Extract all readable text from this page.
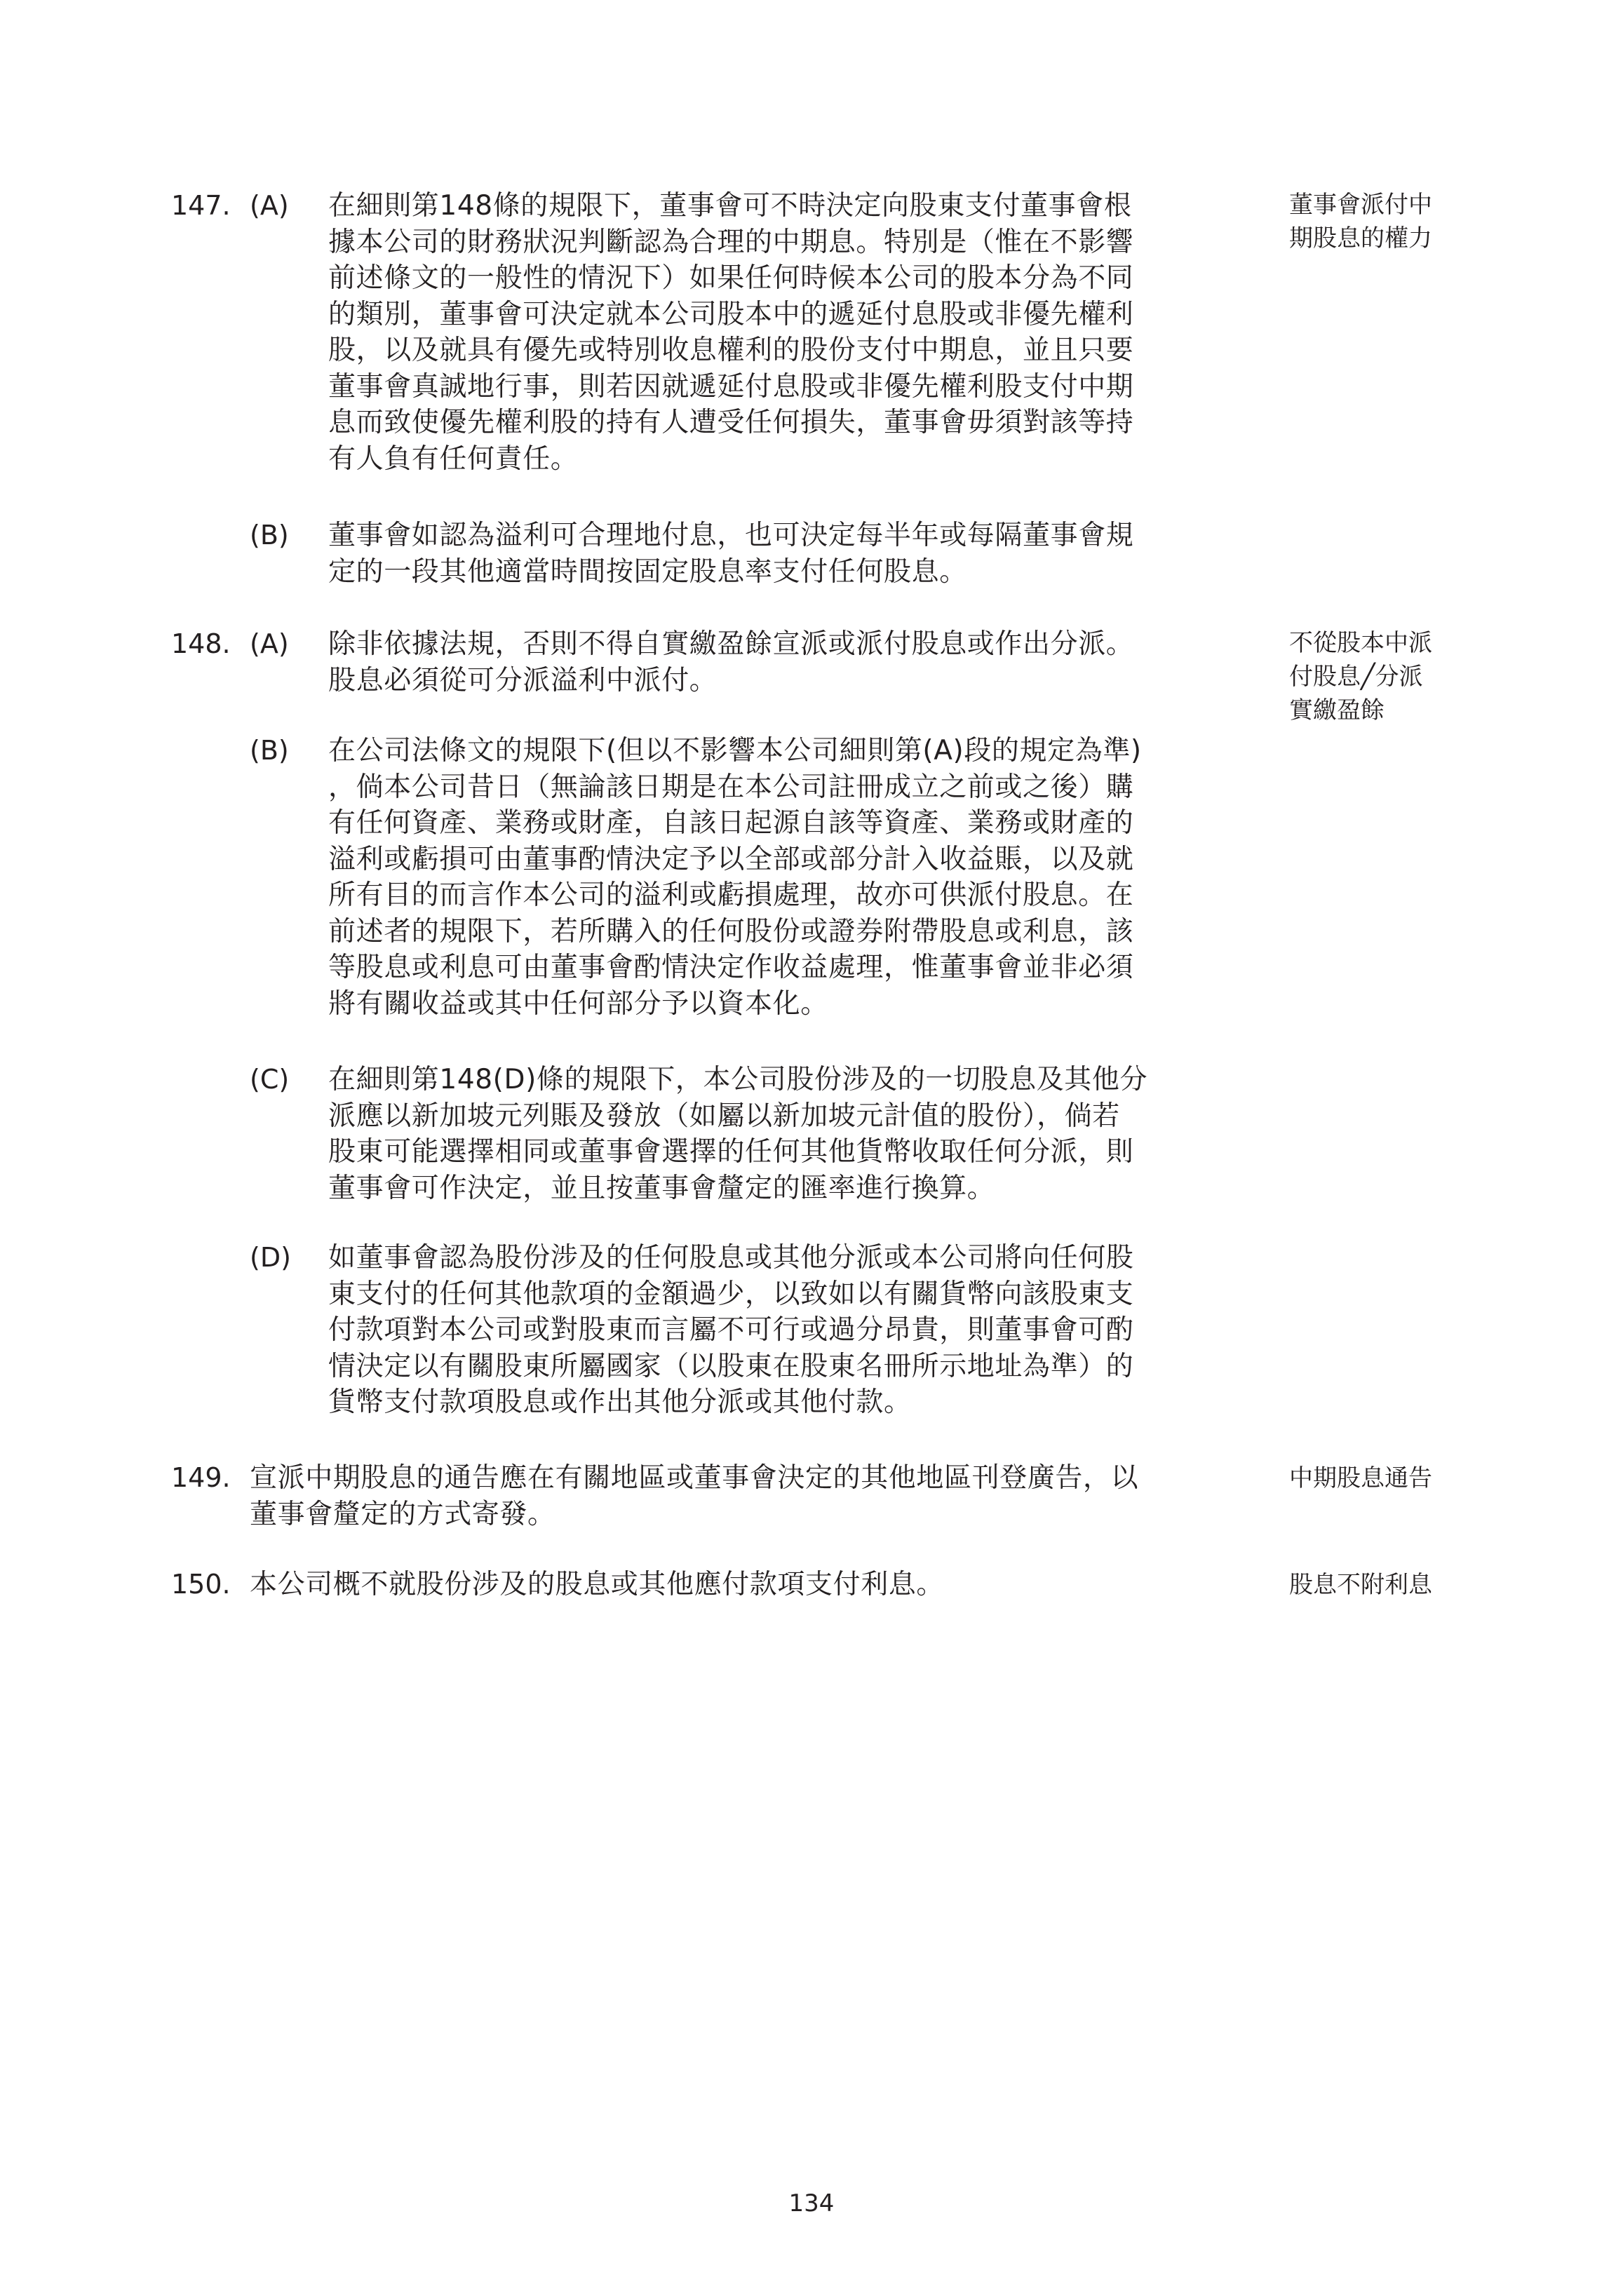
147. (A) 在細則第148條的規限下，董事會可不時決定向股東支付董事會根
據本公司的財務狀況判斷認為合理的中期息。特別是（惟在不影響
前述條文的一般性的情況下）如果任何時候本公司的股本分為不同
的類別，董事會可決定就本公司股本中的遞延付息股或非優先權利
股，以及就具有優先或特別收息權利的股份支付中期息，並且只要
董事會真誠地行事，則若因就遞延付息股或非優先權利股支付中期
息而致使優先權利股的持有人遭受任何損失，董事會毋須對該等持
有人負有任何責任。
(B) 董事會如認為溢利可合理地付息，也可決定每半年或每隔董事會規
定的一段其他適當時間按固定股息率支付任何股息。
董事會派付中
期股息的權力
148. (A) 除非依據法規，否則不得自實繳盈餘宣派或派付股息或作出分派。
股息必須從可分派溢利中派付。
(B) 在公司法條文的規限下(但以不影響本公司細則第(A)段的規定為準)
，倘本公司昔日（無論該日期是在本公司註冊成立之前或之後）購
有任何資產、業務或財產，自該日起源自該等資產、業務或財產的
溢利或虧損可由董事酌情決定予以全部或部分計入收益賬，以及就
所有目的而言作本公司的溢利或虧損處理，故亦可供派付股息。在
前述者的規限下，若所購入的任何股份或證券附帶股息或利息，該
等股息或利息可由董事會酌情決定作收益處理，惟董事會並非必須
將有關收益或其中任何部分予以資本化。
(C) 在細則第148(D)條的規限下，本公司股份涉及的一切股息及其他分
派應以新加坡元列賬及發放（如屬以新加坡元計值的股份），倘若
股東可能選擇相同或董事會選擇的任何其他貨幣收取任何分派，則
董事會可作決定，並且按董事會釐定的匯率進行換算。
(D) 如董事會認為股份涉及的任何股息或其他分派或本公司將向任何股
東支付的任何其他款項的金額過少，以致如以有關貨幣向該股東支
付款項對本公司或對股東而言屬不可行或過分昂貴，則董事會可酌
情決定以有關股東所屬國家（以股東在股東名冊所示地址為準）的
貨幣支付款項股息或作出其他分派或其他付款。
不從股本中派
付股息╱分派
實繳盈餘
149. 宣派中期股息的通告應在有關地區或董事會決定的其他地區刊登廣告，以
董事會釐定的方式寄發。
中期股息通告
150. 本公司概不就股份涉及的股息或其他應付款項支付利息。	股息不附利息
134
